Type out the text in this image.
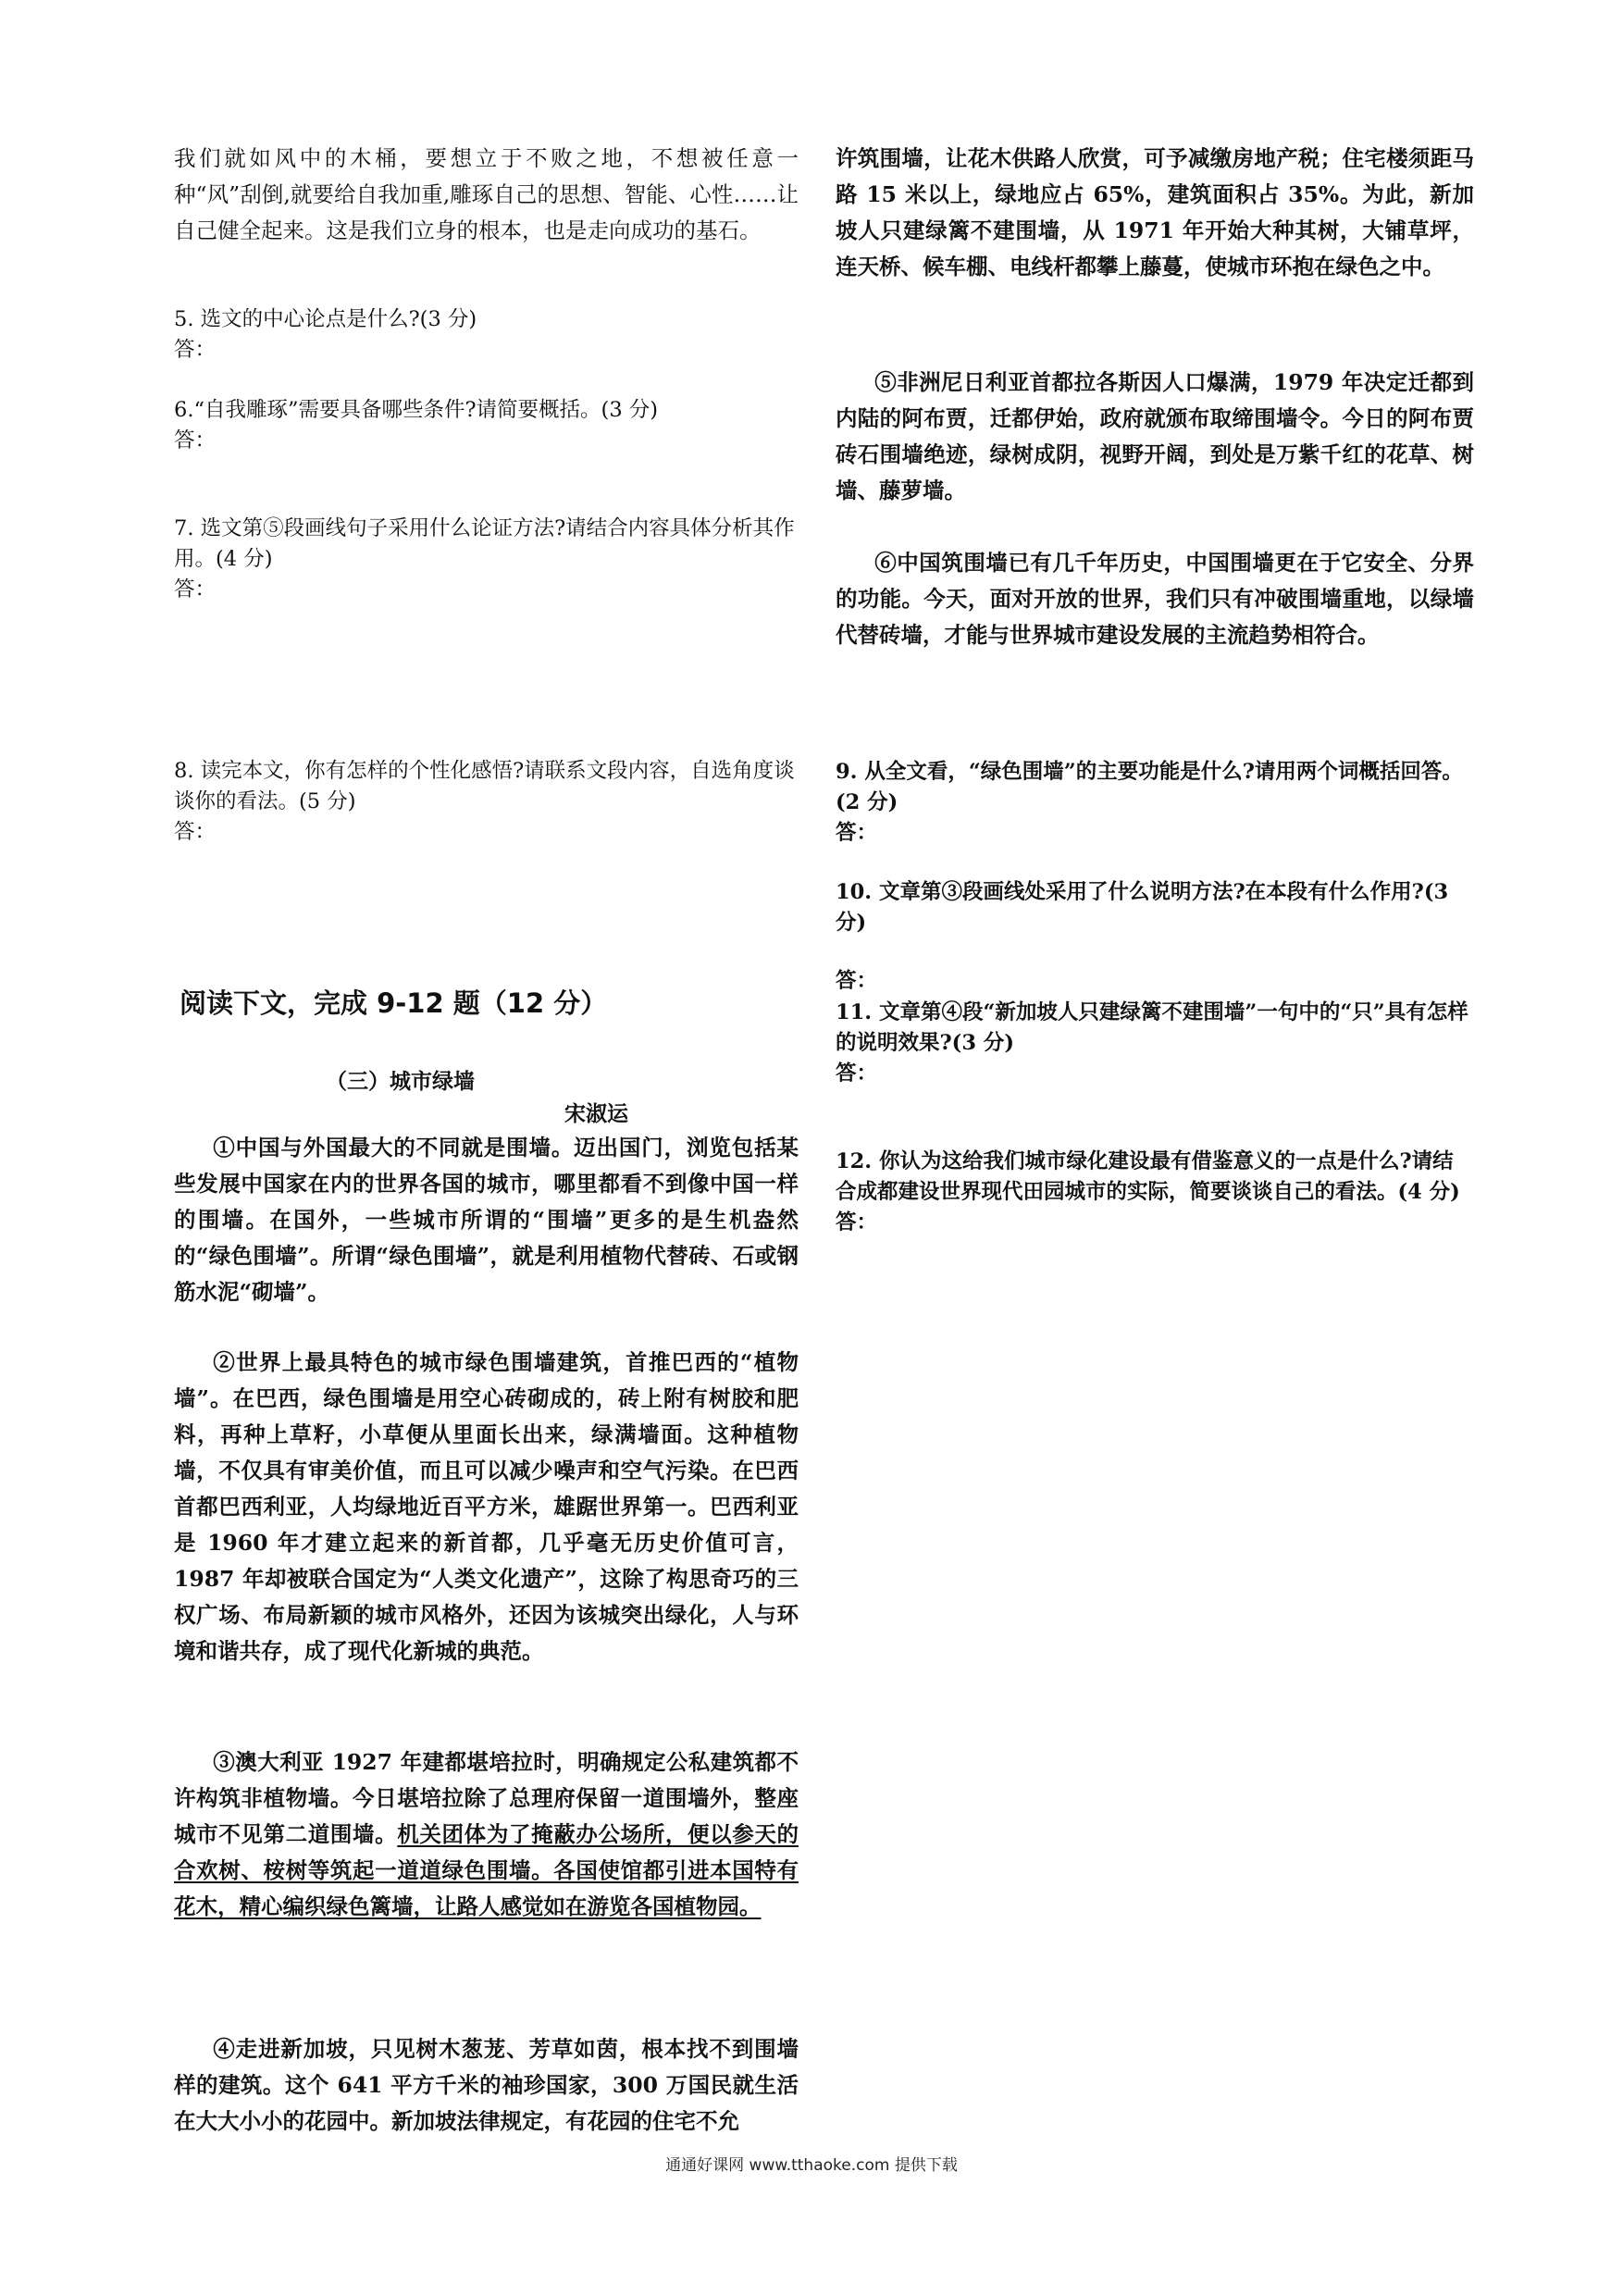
我们就如风中的木桶，要想立于不败之地，不想被任意一种“风”刮倒,就要给自我加重,雕琢自己的思想、智能、心性……让自己健全起来。这是我们立身的根本，也是走向成功的基石。
5. 选文的中心论点是什么?(3 分)
答：
6.“自我雕琢”需要具备哪些条件?请简要概括。(3 分)
答：
7. 选文第⑤段画线句子采用什么论证方法?请结合内容具体分析其作用。(4 分)
答：
8. 读完本文，你有怎样的个性化感悟?请联系文段内容，自选角度谈谈你的看法。(5 分)
答：
阅读下文，完成 9-12 题（12 分）
（三）城市绿墙
宋淑运
①中国与外国最大的不同就是围墙。迈出国门，浏览包括某些发展中国家在内的世界各国的城市，哪里都看不到像中国一样的围墙。在国外，一些城市所谓的“围墙”更多的是生机盎然的“绿色围墙”。所谓“绿色围墙”，就是利用植物代替砖、石或钢筋水泥“砌墙”。
②世界上最具特色的城市绿色围墙建筑，首推巴西的“植物墙”。在巴西，绿色围墙是用空心砖砌成的，砖上附有树胶和肥料，再种上草籽，小草便从里面长出来，绿满墙面。这种植物墙，不仅具有审美价值，而且可以减少噪声和空气污染。在巴西首都巴西利亚，人均绿地近百平方米，雄踞世界第一。巴西利亚是 1960 年才建立起来的新首都，几乎毫无历史价值可言，1987 年却被联合国定为“人类文化遗产”，这除了构思奇巧的三权广场、布局新颖的城市风格外，还因为该城突出绿化，人与环境和谐共存，成了现代化新城的典范。
③澳大利亚 1927 年建都堪培拉时，明确规定公私建筑都不许构筑非植物墙。今日堪培拉除了总理府保留一道围墙外，整座城市不见第二道围墙。机关团体为了掩蔽办公场所，便以参天的合欢树、桉树等筑起一道道绿色围墙。各国使馆都引进本国特有花木，精心编织绿色篱墙，让路人感觉如在游览各国植物园。
④走进新加坡，只见树木葱茏、芳草如茵，根本找不到围墙样的建筑。这个 641 平方千米的袖珍国家，300 万国民就生活在大大小小的花园中。新加坡法律规定，有花园的住宅不允
许筑围墙，让花木供路人欣赏，可予减缴房地产税；住宅楼须距马路 15 米以上，绿地应占 65%，建筑面积占 35%。为此，新加坡人只建绿篱不建围墙，从 1971 年开始大种其树，大铺草坪，连天桥、候车棚、电线杆都攀上藤蔓，使城市环抱在绿色之中。
⑤非洲尼日利亚首都拉各斯因人口爆满，1979 年决定迁都到内陆的阿布贾，迁都伊始，政府就颁布取缔围墙令。今日的阿布贾砖石围墙绝迹，绿树成阴，视野开阔，到处是万紫千红的花草、树墙、藤萝墙。
⑥中国筑围墙已有几千年历史，中国围墙更在于它安全、分界的功能。今天，面对开放的世界，我们只有冲破围墙重地，以绿墙代替砖墙，才能与世界城市建设发展的主流趋势相符合。
9. 从全文看，“绿色围墙”的主要功能是什么?请用两个词概括回答。(2 分)
答：
10. 文章第③段画线处采用了什么说明方法?在本段有什么作用?(3 分)
答：
11. 文章第④段“新加坡人只建绿篱不建围墙”一句中的“只”具有怎样的说明效果?(3 分)
答：
12. 你认为这给我们城市绿化建设最有借鉴意义的一点是什么?请结合成都建设世界现代田园城市的实际，简要谈谈自己的看法。(4 分)
答：
通通好课网 www.tthaoke.com 提供下载
